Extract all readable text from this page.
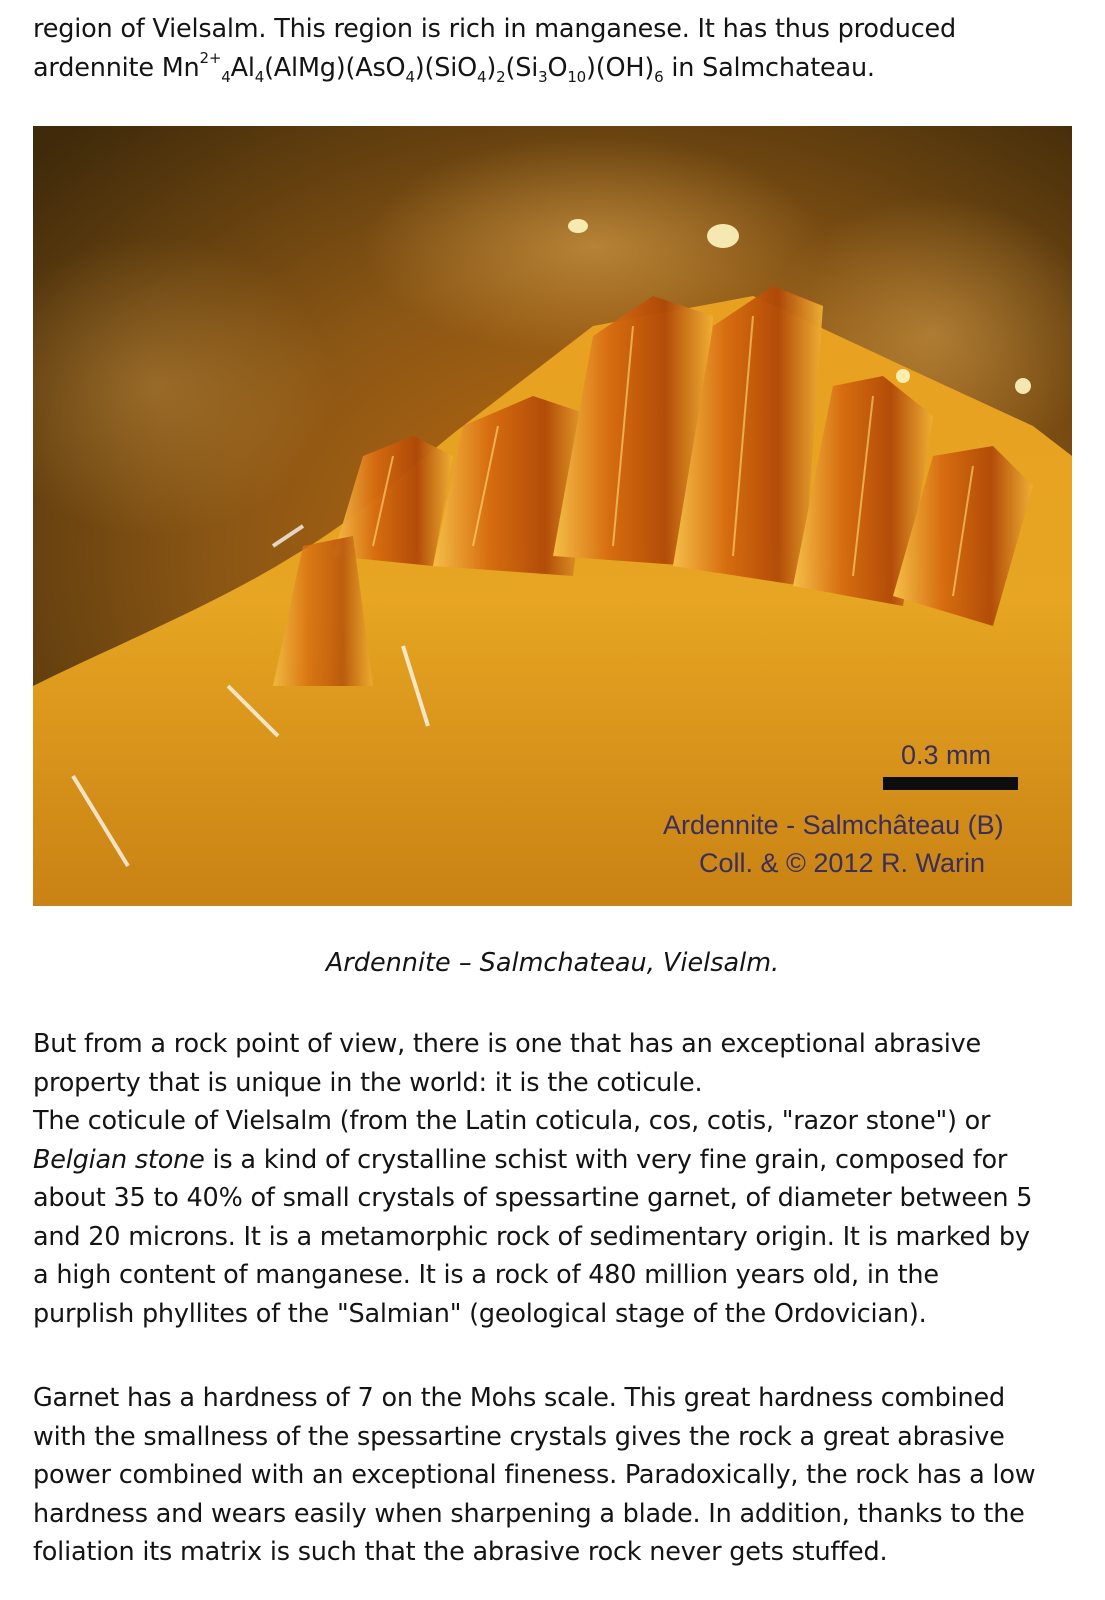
region of Vielsalm. This region is rich in manganese. It has thus produced
ardennite $Mn^{2+}_4Al_4(AlMg)(AsO_4)(SiO_4)_2(Si_3O_{10})(OH)_6$ in Salmchateau.

0.3 mm
Ardennite - Salmchâteau (B)
Coll. & © 2012 R. Warin
Ardennite – Salmchateau, Vielsalm.

But from a rock point of view, there is one that has an exceptional abrasive
property that is unique in the world: it is the coticule.
The coticule of Vielsalm (from the Latin coticula, cos, cotis, "razor stone") or
Belgian stone is a kind of crystalline schist with very fine grain, composed for
about 35 to 40% of small crystals of spessartine garnet, of diameter between 5
and 20 microns. It is a metamorphic rock of sedimentary origin. It is marked by
a high content of manganese. It is a rock of 480 million years old, in the
purplish phyllites of the "Salmian" (geological stage of the Ordovician).

Garnet has a hardness of 7 on the Mohs scale. This great hardness combined
with the smallness of the spessartine crystals gives the rock a great abrasive
power combined with an exceptional fineness. Paradoxically, the rock has a low
hardness and wears easily when sharpening a blade. In addition, thanks to the
foliation its matrix is such that the abrasive rock never gets stuffed.
